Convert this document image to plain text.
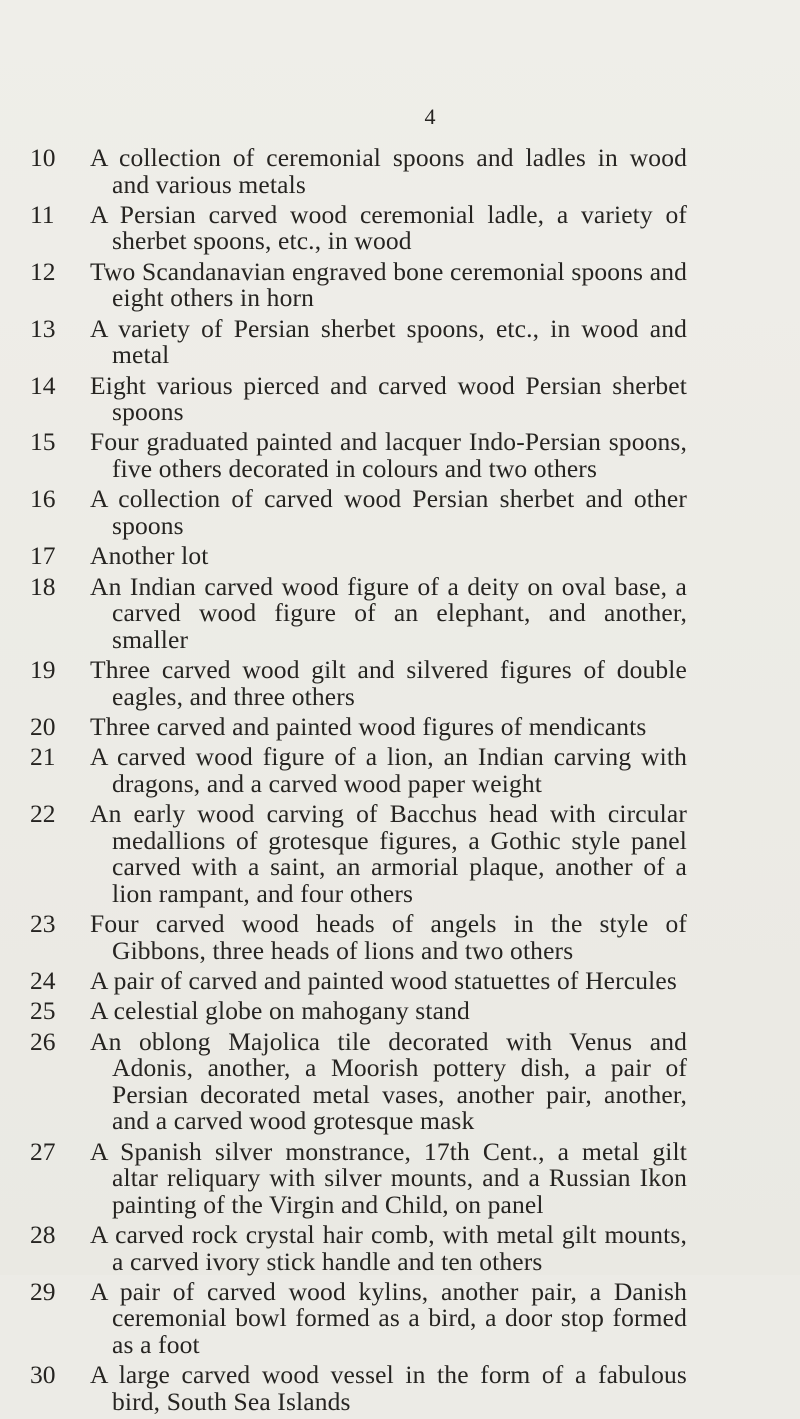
4
10	A collection of ceremonial spoons and ladles in wood and various metals
11	A Persian carved wood ceremonial ladle, a variety of sherbet spoons, etc., in wood
12	Two Scandanavian engraved bone ceremonial spoons and eight others in horn
13	A variety of Persian sherbet spoons, etc., in wood and metal
14	Eight various pierced and carved wood Persian sherbet spoons
15	Four graduated painted and lacquer Indo-Persian spoons, five others decorated in colours and two others
16	A collection of carved wood Persian sherbet and other spoons
17	Another lot
18	An Indian carved wood figure of a deity on oval base, a carved wood figure of an elephant, and another, smaller
19	Three carved wood gilt and silvered figures of double eagles, and three others
20	Three carved and painted wood figures of mendicants
21	A carved wood figure of a lion, an Indian carving with dragons, and a carved wood paper weight
22	An early wood carving of Bacchus head with circular medallions of grotesque figures, a Gothic style panel carved with a saint, an armorial plaque, another of a lion rampant, and four others
23	Four carved wood heads of angels in the style of Gibbons, three heads of lions and two others
24	A pair of carved and painted wood statuettes of Hercules
25	A celestial globe on mahogany stand
26	An oblong Majolica tile decorated with Venus and Adonis, another, a Moorish pottery dish, a pair of Persian decorated metal vases, another pair, another, and a carved wood grotesque mask
27	A Spanish silver monstrance, 17th Cent., a metal gilt altar reliquary with silver mounts, and a Russian Ikon painting of the Virgin and Child, on panel
28	A carved rock crystal hair comb, with metal gilt mounts, a carved ivory stick handle and ten others
29	A pair of carved wood kylins, another pair, a Danish ceremonial bowl formed as a bird, a door stop formed as a foot
30	A large carved wood vessel in the form of a fabulous bird, South Sea Islands
